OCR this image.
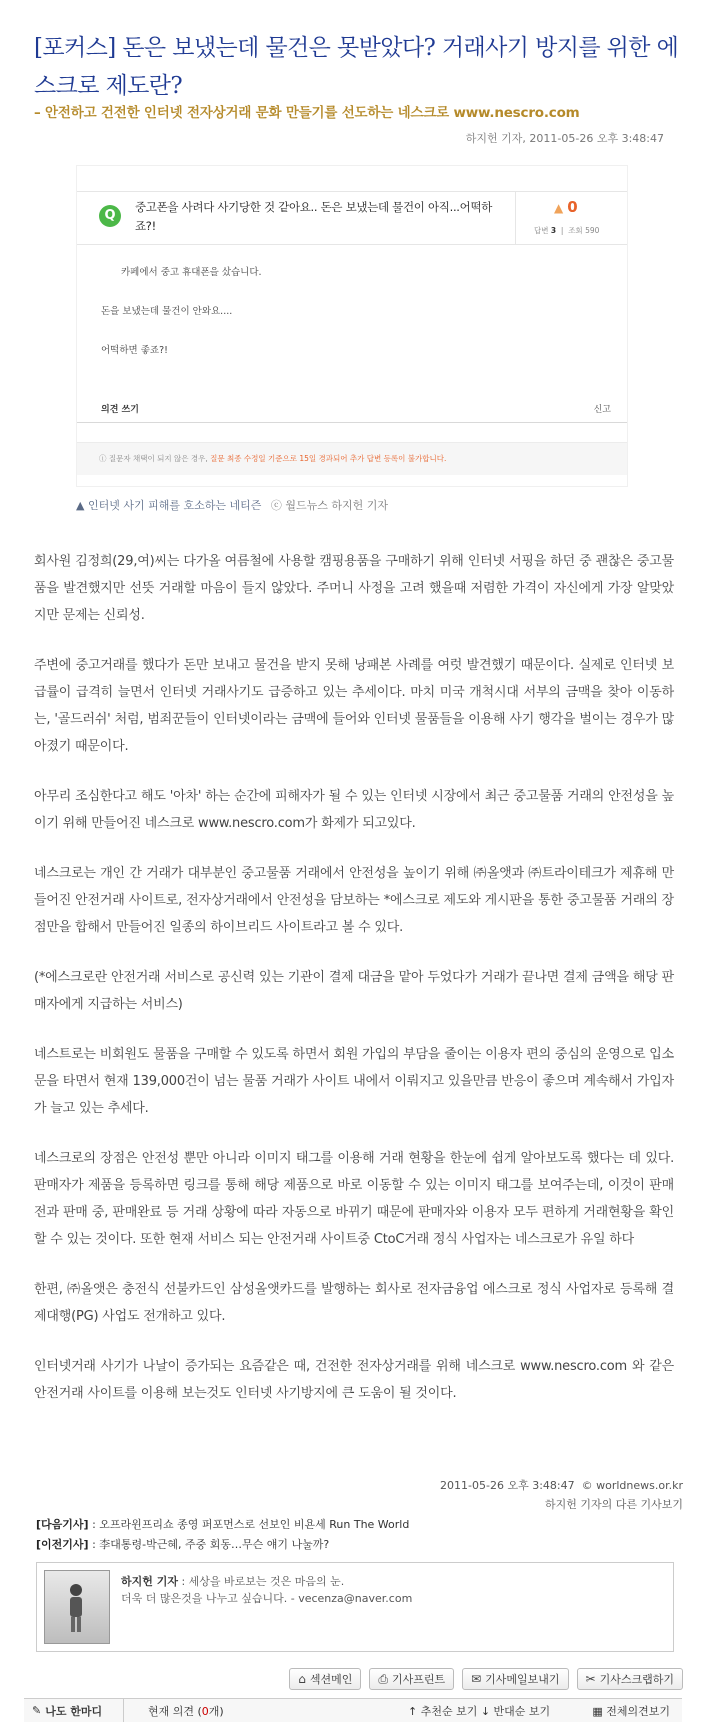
[포커스] 돈은 보냈는데 물건은 못받았다? 거래사기 방지를 위한 에스크로 제도란?

– 안전하고 건전한 인터넷 전자상거래 문화 만들기를 선도하는 네스크로 www.nescro.com

하지헌 기자, 2011-05-26 오후 3:48:47
Q
중고폰을 사려다 사기당한 것 같아요.. 돈은 보냈는데 물건이 아직...어떡하죠?!
▲ 0
답변 3  |  조회 590

카페에서 중고 휴대폰을 샀습니다.

돈을 보냈는데 물건이 안와요....

어떡하면 좋죠?!

의견 쓰기	신고
ⓘ 질문자 채택이 되지 않은 경우, 질문 최종 수정일 기준으로 15일 경과되어 추가 답변 등록이 불가합니다.
▲ 인터넷 사기 피해를 호소하는 네티즌 ⓒ 월드뉴스 하지헌 기자

회사원 김정희(29,여)씨는 다가올 여름철에 사용할 캠핑용품을 구매하기 위해 인터넷 서핑을 하던 중 괜찮은 중고물품을 발견했지만 선뜻 거래할 마음이 들지 않았다. 주머니 사정을 고려 했을때 저렴한 가격이 자신에게 가장 알맞았지만 문제는 신뢰성.

주변에 중고거래를 했다가 돈만 보내고 물건을 받지 못해 낭패본 사례를 여럿 발견했기 때문이다. 실제로 인터넷 보급률이 급격히 늘면서 인터넷 거래사기도 급증하고 있는 추세이다. 마치 미국 개척시대 서부의 금맥을 찾아 이동하는, '골드러쉬' 처럼, 범죄꾼들이 인터넷이라는 금맥에 들어와 인터넷 물품들을 이용해 사기 행각을 벌이는 경우가 많아졌기 때문이다.

아무리 조심한다고 해도 '아차' 하는 순간에 피해자가 될 수 있는 인터넷 시장에서 최근 중고물품 거래의 안전성을 높이기 위해 만들어진 네스크로 www.nescro.com가 화제가 되고있다.

네스크로는 개인 간 거래가 대부분인 중고물품 거래에서 안전성을 높이기 위해 ㈜올앳과 ㈜트라이테크가 제휴해 만들어진 안전거래 사이트로, 전자상거래에서 안전성을 담보하는 *에스크로 제도와 게시판을 통한 중고물품 거래의 장점만을 합해서 만들어진 일종의 하이브리드 사이트라고 볼 수 있다.

(*에스크로란 안전거래 서비스로 공신력 있는 기관이 결제 대금을 맡아 두었다가 거래가 끝나면 결제 금액을 해당 판매자에게 지급하는 서비스)

네스트로는 비회원도 물품을 구매할 수 있도록 하면서 회원 가입의 부담을 줄이는 이용자 편의 중심의 운영으로 입소문을 타면서 현재 139,000건이 넘는 물품 거래가 사이트 내에서 이뤄지고 있을만큼 반응이 좋으며 계속해서 가입자가 늘고 있는 추세다.

네스크로의 장점은 안전성 뿐만 아니라 이미지 태그를 이용해 거래 현황을 한눈에 쉽게 알아보도록 했다는 데 있다. 판매자가 제품을 등록하면 링크를 통해 해당 제품으로 바로 이동할 수 있는 이미지 태그를 보여주는데, 이것이 판매 전과 판매 중, 판매완료 등 거래 상황에 따라 자동으로 바뀌기 때문에 판매자와 이용자 모두 편하게 거래현황을 확인할 수 있는 것이다. 또한 현재 서비스 되는 안전거래 사이트중 CtoC거래 정식 사업자는 네스크로가 유일 하다

한편, ㈜올앳은 충전식 선불카드인 삼성올앳카드를 발행하는 회사로 전자금융업 에스크로 정식 사업자로 등록해 결제대행(PG) 사업도 전개하고 있다.

인터넷거래 사기가 나날이 증가되는 요즘같은 때, 건전한 전자상거래를 위해 네스크로 www.nescro.com 와 같은 안전거래 사이트를 이용해 보는것도 인터넷 사기방지에 큰 도움이 될 것이다.

2011-05-26 오후 3:48:47 © worldnews.or.kr
하지헌 기자의 다른 기사보기
[다음기사] : 오프라윈프리쇼 종영 퍼포먼스로 선보인 비욘세 Run The World
[이전기사] : 李대통령-박근혜, 주중 회동…무슨 얘기 나눌까?
하지헌 기자 : 세상을 바로보는 것은 마음의 눈.
더욱 더 많은것을 나누고 싶습니다. - vecenza@naver.com
⌂ 섹션메인 ⎙ 기사프린트 ✉ 기사메일보내기 ✂ 기사스크랩하기
✎ 나도 한마디	현재 의견 (0개)	↑ 추천순 보기 ↓ 반대순 보기	▦ 전체의견보기
